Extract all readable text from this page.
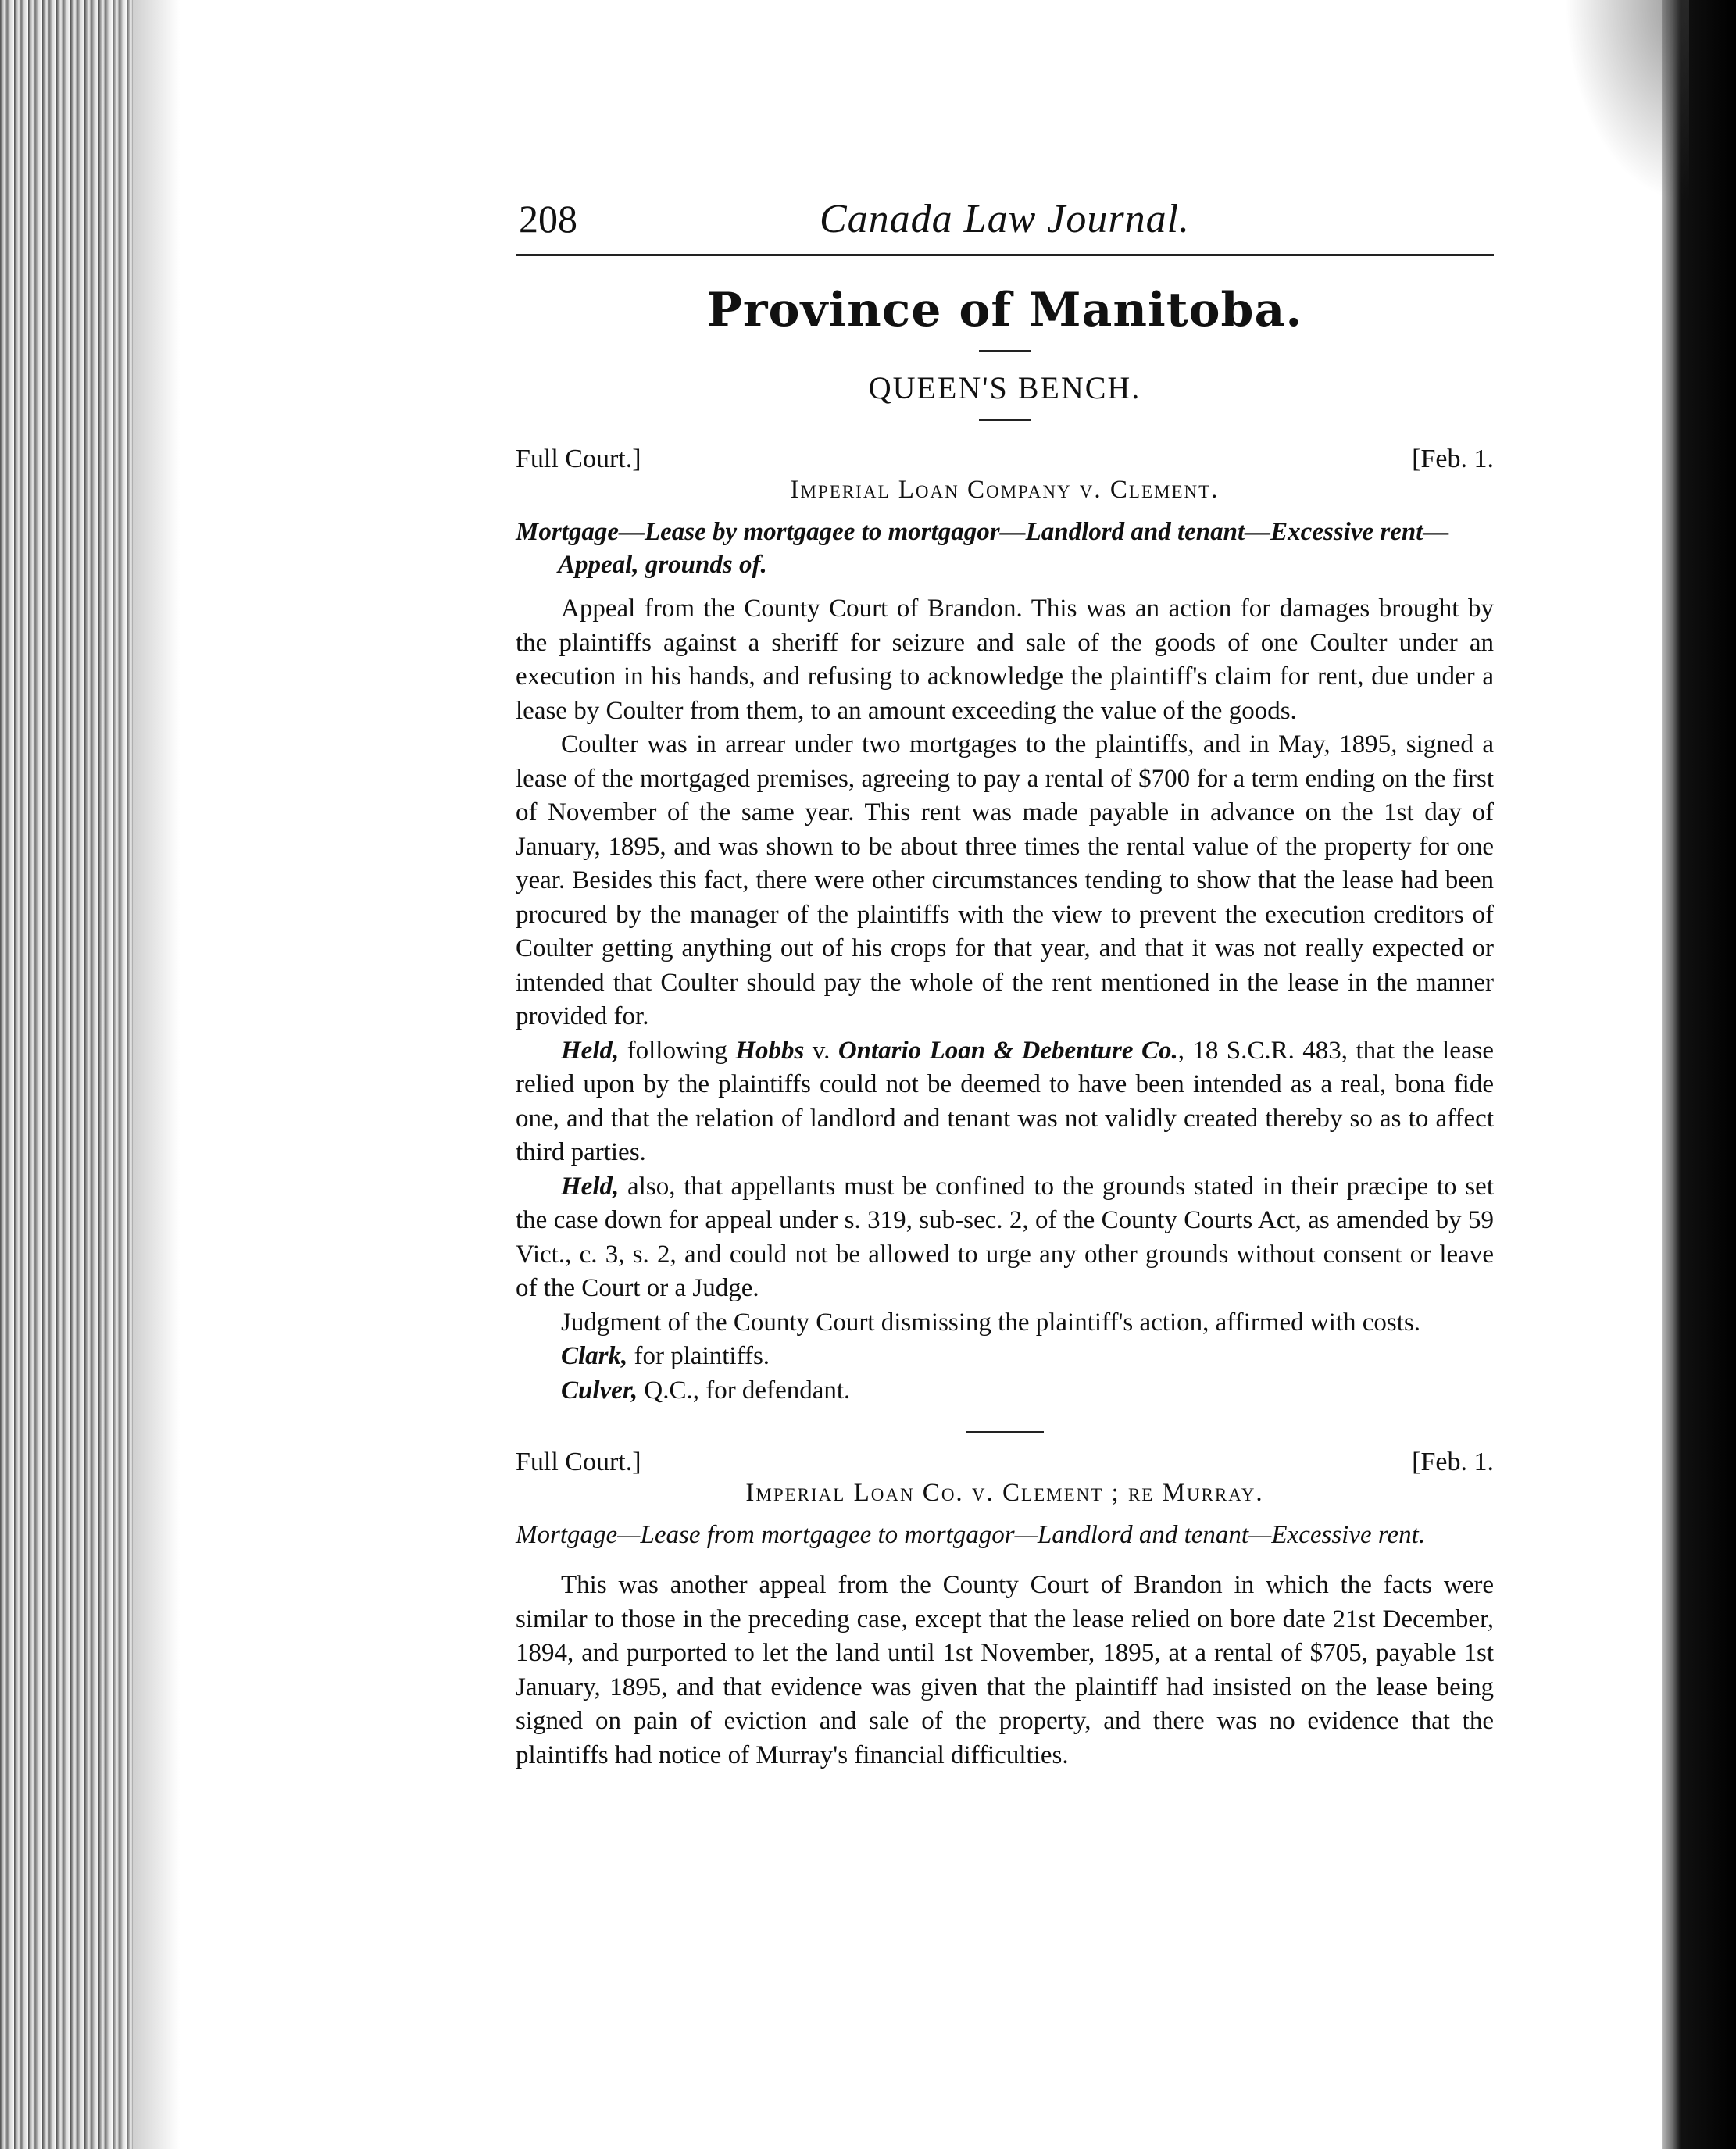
208	Canada Law Journal.
Province of Manitoba.
QUEEN'S BENCH.
Full Court.]	[Feb. 1.
Imperial Loan Company v. Clement.
Mortgage—Lease by mortgagee to mortgagor—Landlord and tenant—Excessive rent—Appeal, grounds of.

Appeal from the County Court of Brandon. This was an action for damages brought by the plaintiffs against a sheriff for seizure and sale of the goods of one Coulter under an execution in his hands, and refusing to acknowledge the plaintiff's claim for rent, due under a lease by Coulter from them, to an amount exceeding the value of the goods.

Coulter was in arrear under two mortgages to the plaintiffs, and in May, 1895, signed a lease of the mortgaged premises, agreeing to pay a rental of $700 for a term ending on the first of November of the same year. This rent was made payable in advance on the 1st day of January, 1895, and was shown to be about three times the rental value of the property for one year. Besides this fact, there were other circumstances tending to show that the lease had been procured by the manager of the plaintiffs with the view to prevent the execution creditors of Coulter getting anything out of his crops for that year, and that it was not really expected or intended that Coulter should pay the whole of the rent mentioned in the lease in the manner provided for.

Held, following Hobbs v. Ontario Loan & Debenture Co., 18 S.C.R. 483, that the lease relied upon by the plaintiffs could not be deemed to have been intended as a real, bona fide one, and that the relation of landlord and tenant was not validly created thereby so as to affect third parties.

Held, also, that appellants must be confined to the grounds stated in their præcipe to set the case down for appeal under s. 319, sub-sec. 2, of the County Courts Act, as amended by 59 Vict., c. 3, s. 2, and could not be allowed to urge any other grounds without consent or leave of the Court or a Judge.

Judgment of the County Court dismissing the plaintiff's action, affirmed with costs.

Clark, for plaintiffs.
Culver, Q.C., for defendant.
Full Court.]	[Feb. 1.
Imperial Loan Co. v. Clement ; re Murray.
Mortgage—Lease from mortgagee to mortgagor—Landlord and tenant—Excessive rent.

This was another appeal from the County Court of Brandon in which the facts were similar to those in the preceding case, except that the lease relied on bore date 21st December, 1894, and purported to let the land until 1st November, 1895, at a rental of $705, payable 1st January, 1895, and that evidence was given that the plaintiff had insisted on the lease being signed on pain of eviction and sale of the property, and there was no evidence that the plaintiffs had notice of Murray's financial difficulties.
